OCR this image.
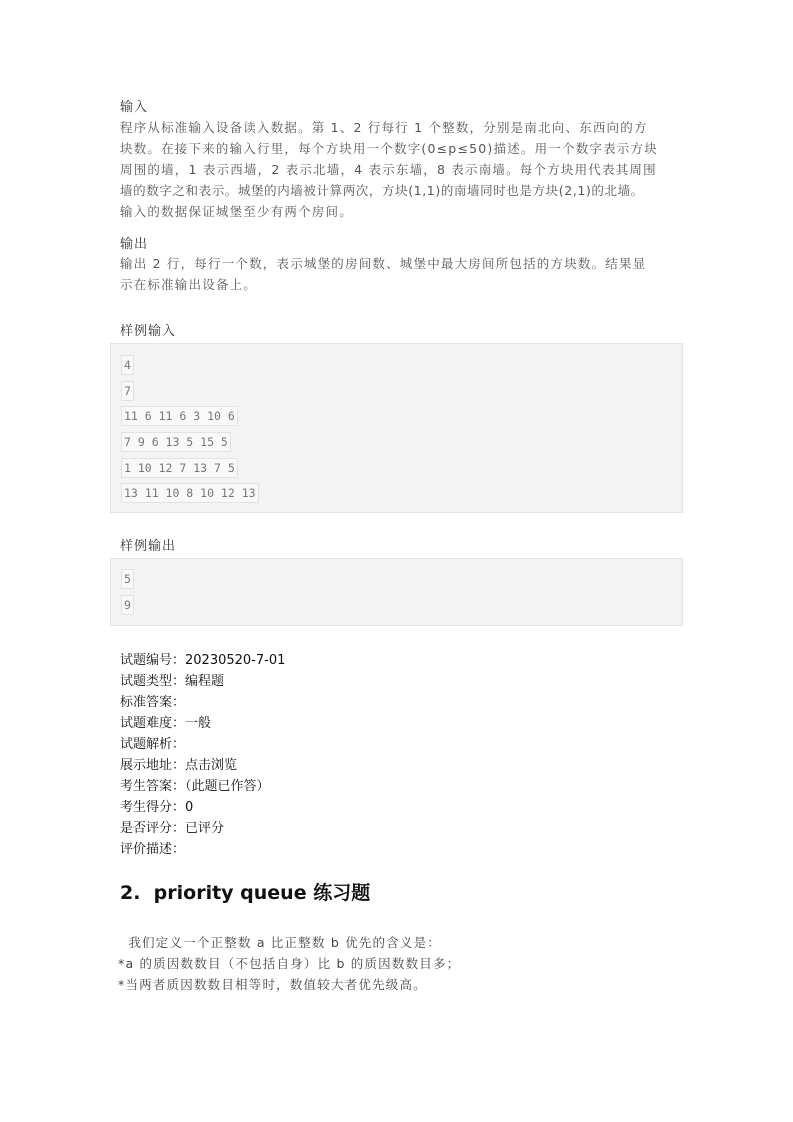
输入
程序从标准输入设备读入数据。第 1、2 行每行 1 个整数，分别是南北向、东西向的方
块数。在接下来的输入行里，每个方块用一个数字(0≤p≤50)描述。用一个数字表示方块
周围的墙，1 表示西墙，2 表示北墙，4 表示东墙，8 表示南墙。每个方块用代表其周围
墙的数字之和表示。城堡的内墙被计算两次，方块(1,1)的南墙同时也是方块(2,1)的北墙。
输入的数据保证城堡至少有两个房间。
输出
输出 2 行，每行一个数，表示城堡的房间数、城堡中最大房间所包括的方块数。结果显
示在标准输出设备上。
样例输入
4
7
11 6 11 6 3 10 6
7 9 6 13 5 15 5
1 10 12 7 13 7 5
13 11 10 8 10 12 13
样例输出
5
9
试题编号：20230520-7-01
试题类型：编程题
标准答案：
试题难度：一般
试题解析：
展示地址：点击浏览
考生答案：（此题已作答）
考生得分：0
是否评分：已评分
评价描述：
2.  priority queue 练习题
我们定义一个正整数 a 比正整数 b 优先的含义是：
*a 的质因数数目（不包括自身）比 b 的质因数数目多；
*当两者质因数数目相等时，数值较大者优先级高。
